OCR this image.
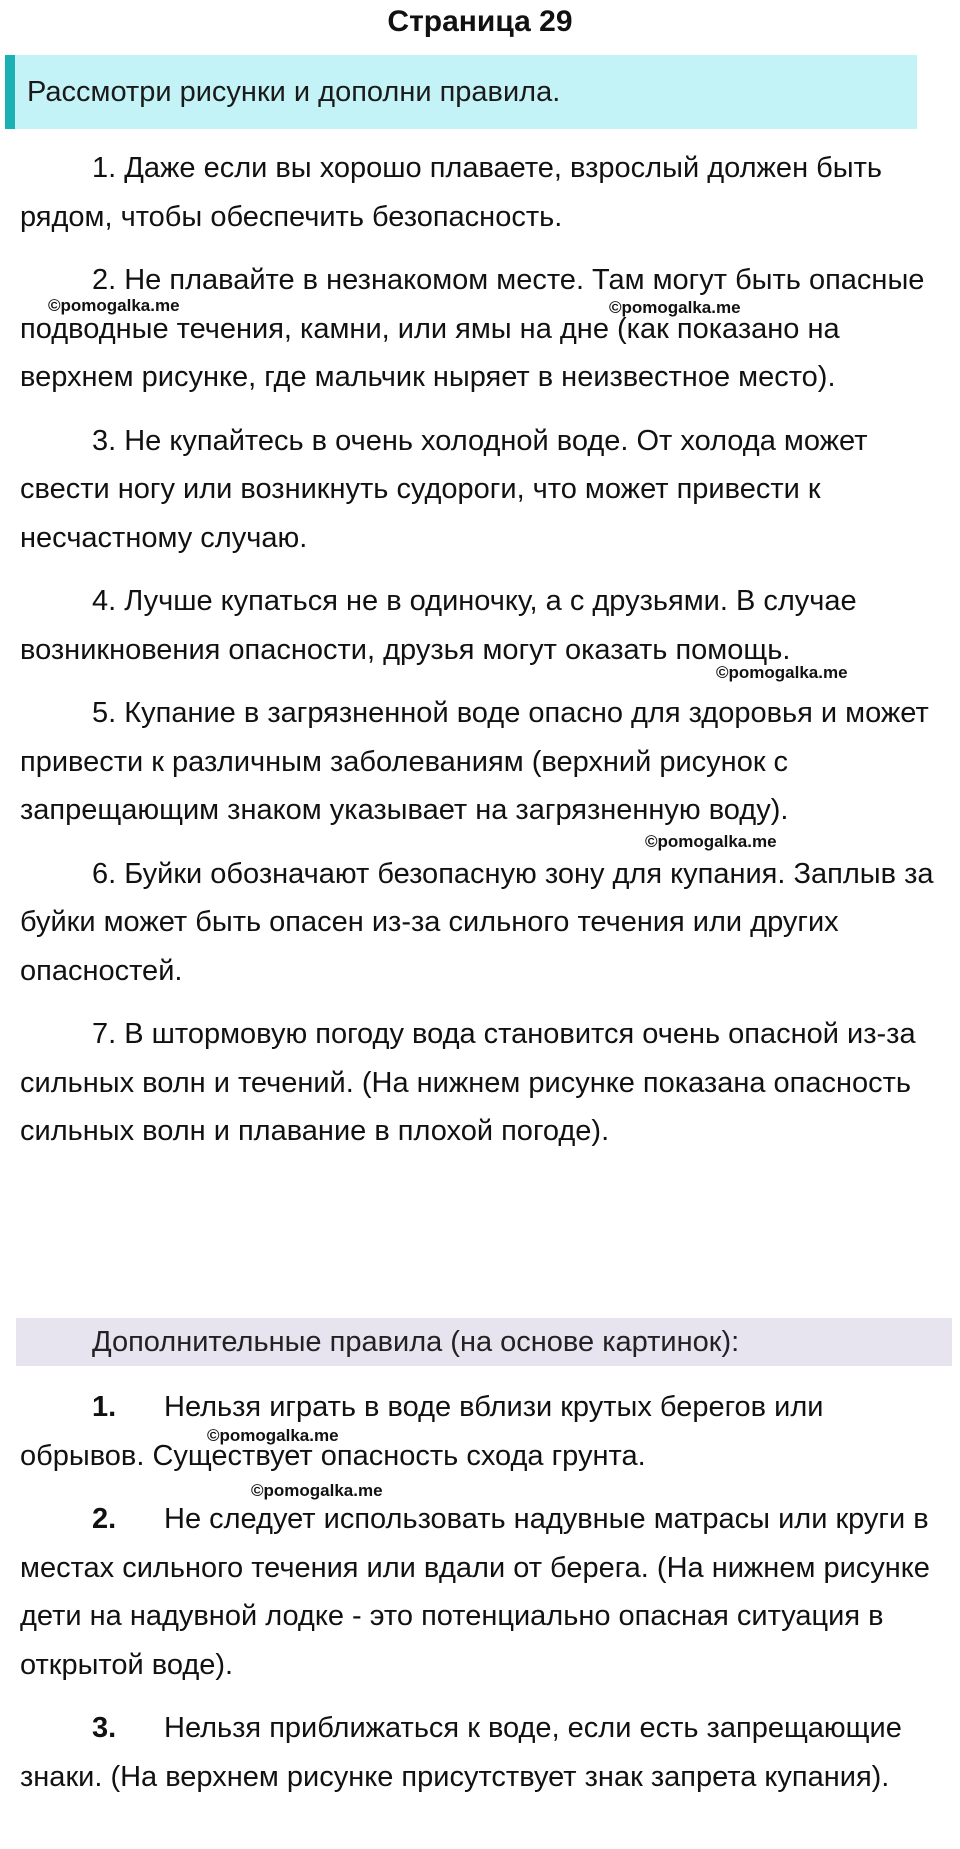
Страница 29
Рассмотри рисунки и дополни правила.

1. Даже если вы хорошо плаваете, взрослый должен быть рядом, чтобы обеспечить безопасность.

2. Не плавайте в незнакомом месте. Там могут быть опасные подводные течения, камни, или ямы на дне (как показано на верхнем рисунке, где мальчик ныряет в неизвестное место).

3. Не купайтесь в очень холодной воде. От холода может свести ногу или возникнуть судороги, что может привести к несчастному случаю.

4. Лучше купаться не в одиночку, а с друзьями. В случае возникновения опасности, друзья могут оказать помощь.

5. Купание в загрязненной воде опасно для здоровья и может привести к различным заболеваниям (верхний рисунок с запрещающим знаком указывает на загрязненную воду).

6. Буйки обозначают безопасную зону для купания. Заплыв за буйки может быть опасен из-за сильного течения или других опасностей.

7. В штормовую погоду вода становится очень опасной из-за сильных волн и течений. (На нижнем рисунке показана опасность сильных волн и плавание в плохой погоде).

Дополнительные правила (на основе картинок):

1. Нельзя играть в воде вблизи крутых берегов или обрывов. Существует опасность схода грунта.

2. Не следует использовать надувные матрасы или круги в местах сильного течения или вдали от берега. (На нижнем рисунке дети на надувной лодке - это потенциально опасная ситуация в открытой воде).

3. Нельзя приближаться к воде, если есть запрещающие знаки. (На верхнем рисунке присутствует знак запрета купания).

©pomogalka.me	©pomogalka.me
©pomogalka.me
©pomogalka.me
©pomogalka.me
©pomogalka.me
